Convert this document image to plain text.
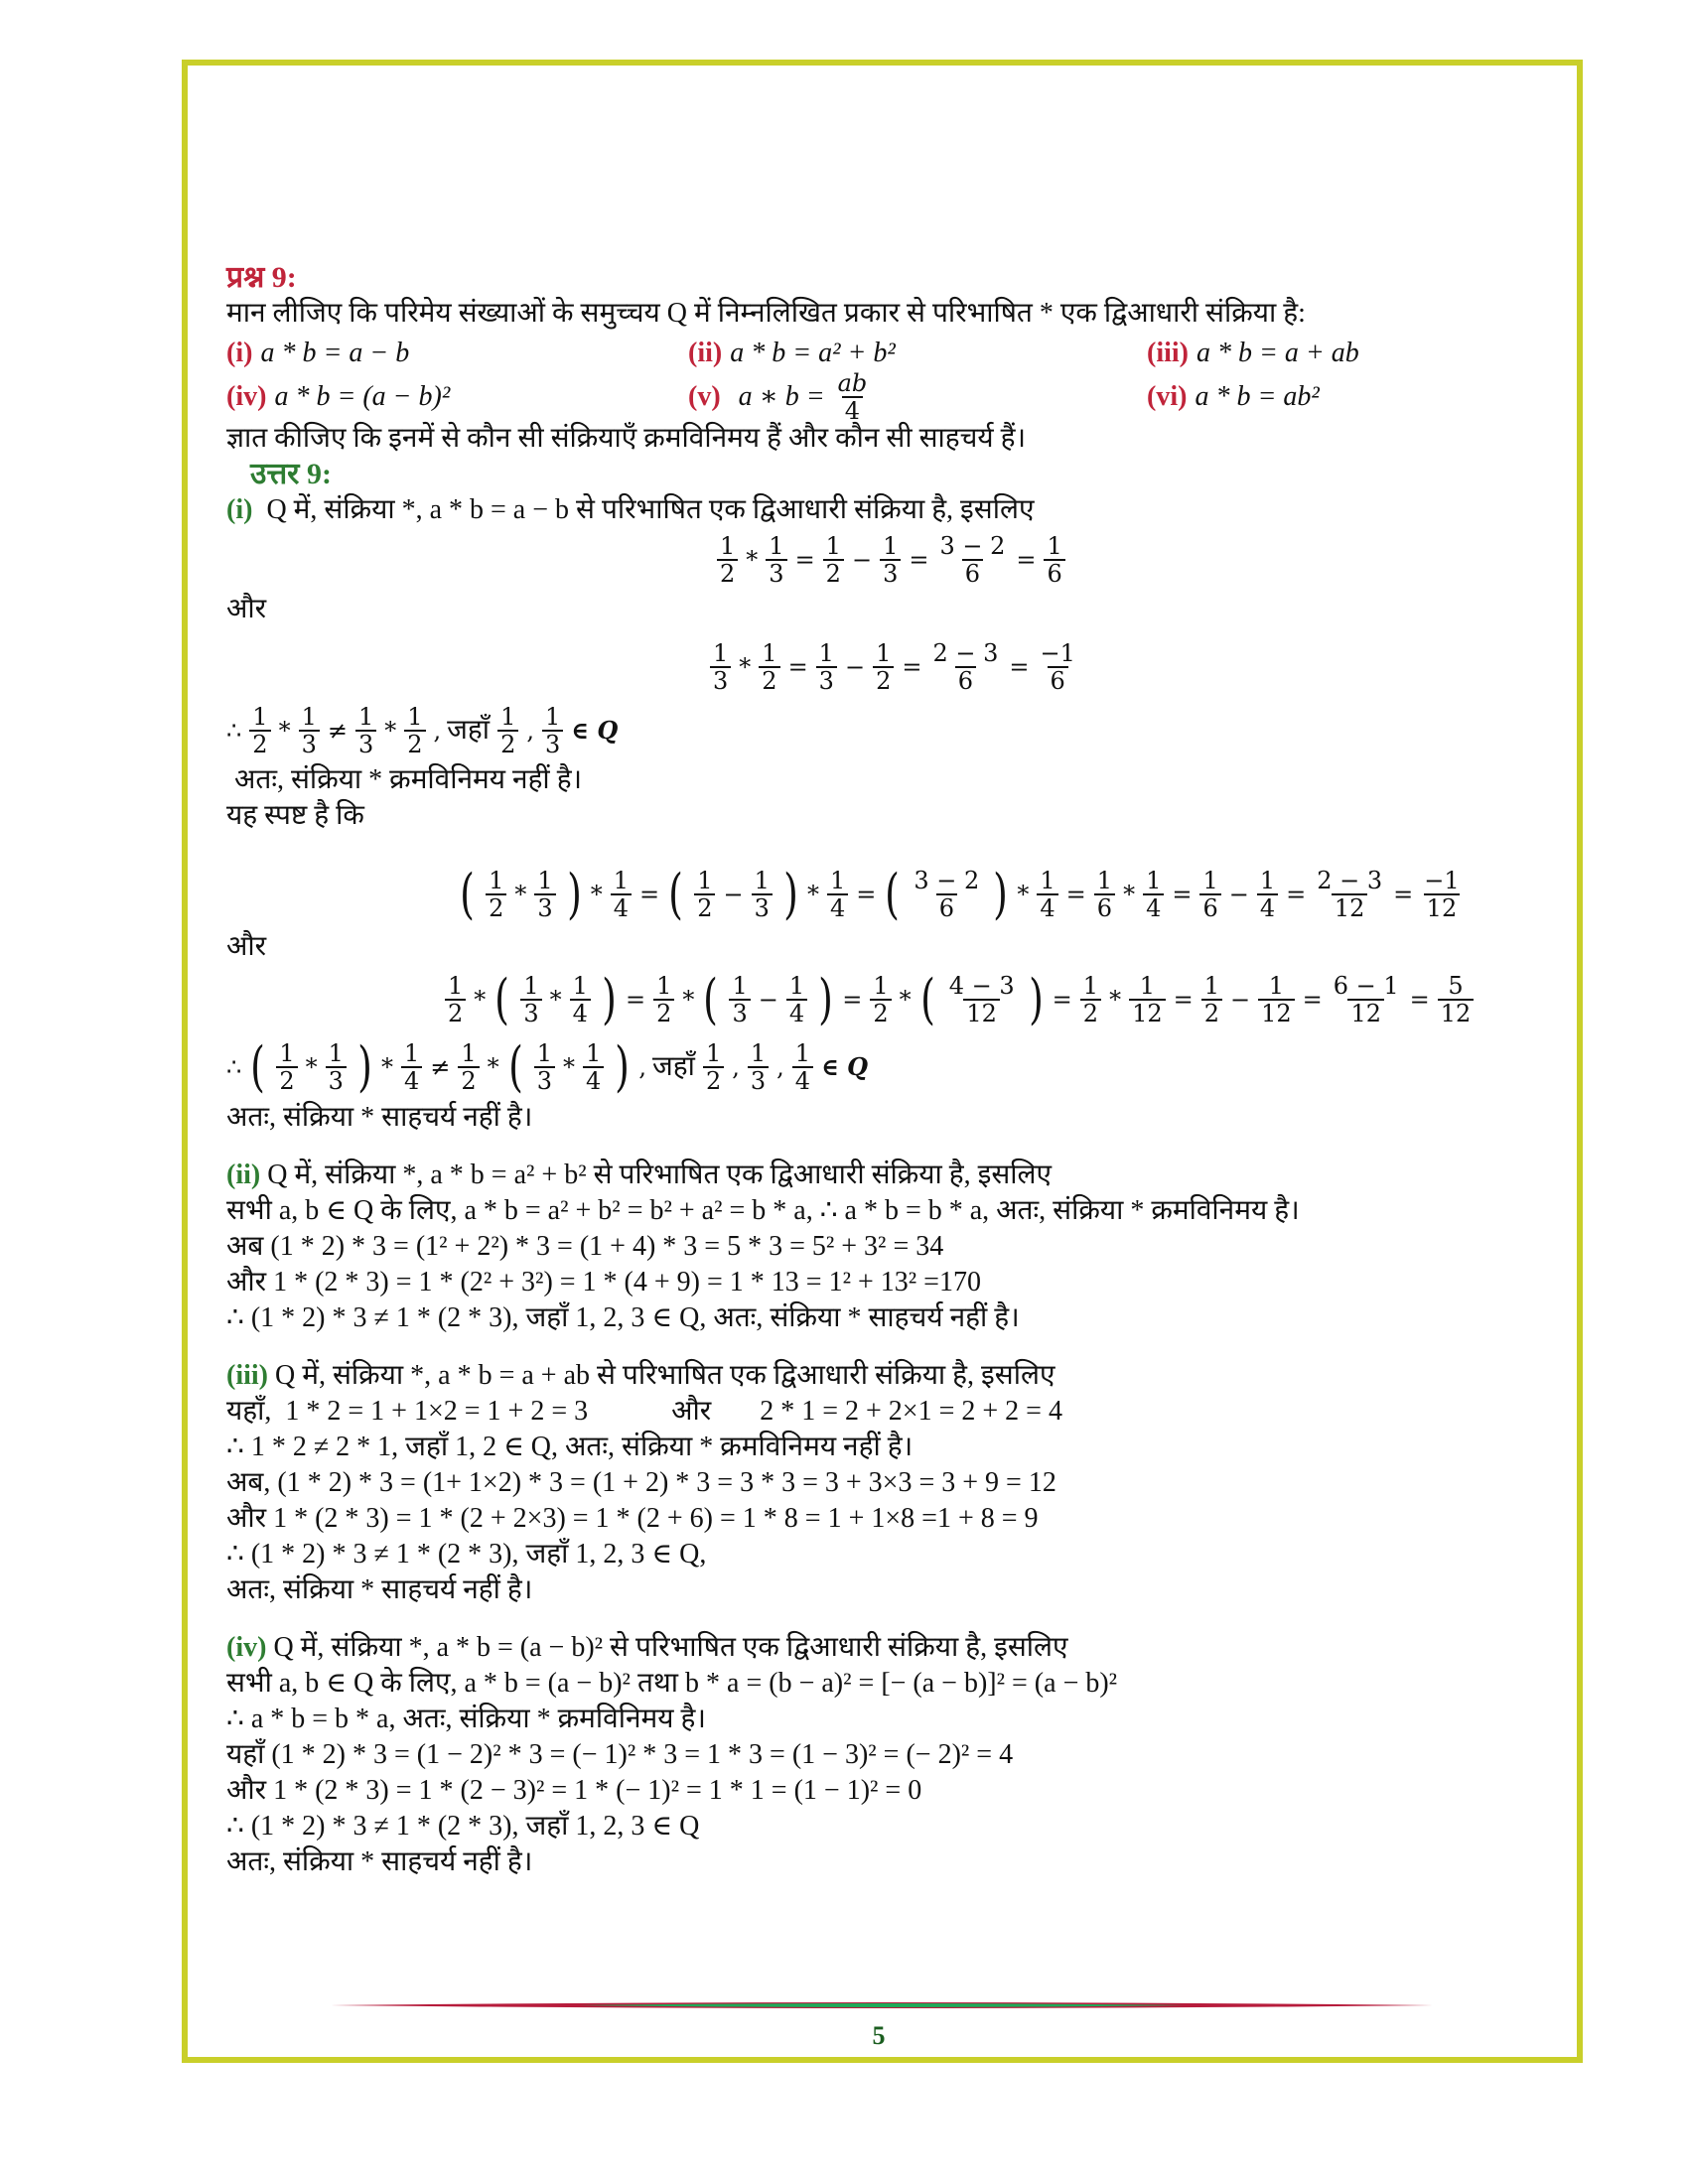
प्रश्न 9:
मान लीजिए कि परिमेय संख्याओं के समुच्चय Q में निम्नलिखित प्रकार से परिभाषित * एक द्विआधारी संक्रिया है:
(i) a * b = a − b	(ii) a * b = a² + b²	(iii) a * b = a + ab
(iv) a * b = (a − b)²	(v) a ∗ $b = \frac{ab}{4}$	(vi) a * b = ab²
ज्ञात कीजिए कि इनमें से कौन सी संक्रियाएँ क्रमविनिमय हैं और कौन सी साहचर्य हैं।
उत्तर 9:
(i) Q में, संक्रिया *, a * b = a − b से परिभाषित एक द्विआधारी संक्रिया है, इसलिए
$\frac{1}{2} * \frac{1}{3} = \frac{1}{2} - \frac{1}{3} = \frac{3 - 2}{6} = \frac{1}{6}$
और
$\frac{1}{3} * \frac{1}{2} = \frac{1}{3} - \frac{1}{2} = \frac{2 - 3}{6} = \frac{-1}{6}$
∴ $\frac{1}{2} * \frac{1}{3} \ne \frac{1}{3} * \frac{1}{2}$ , जहाँ $\frac{1}{2}$ , $\frac{1}{3}$ ∈ Q
अतः, संक्रिया * क्रमविनिमय नहीं है।
यह स्पष्ट है कि
( $\frac{1}{2} * \frac{1}{3}$ ) * $\frac{1}{4}$ = ( $\frac{1}{2} - \frac{1}{3}$ ) * $\frac{1}{4}$ = ( $\frac{3 - 2}{6}$ ) * $\frac{1}{4} = \frac{1}{6} * \frac{1}{4} = \frac{1}{6} - \frac{1}{4} = \frac{2 - 3}{12} = \frac{-1}{12}$
और
$\frac{1}{2}$ * ( $\frac{1}{3} * \frac{1}{4}$ ) = $\frac{1}{2}$ * ( $\frac{1}{3} - \frac{1}{4}$ ) = $\frac{1}{2}$ * ( $\frac{4 - 3}{12}$ ) = $\frac{1}{2} * \frac{1}{12} = \frac{1}{2} - \frac{1}{12} = \frac{6 - 1}{12} = \frac{5}{12}$
∴ ( $\frac{1}{2} * \frac{1}{3}$ ) * $\frac{1}{4} \ne \frac{1}{2}$ * ( $\frac{1}{3} * \frac{1}{4}$ ) , जहाँ $\frac{1}{2}$ , $\frac{1}{3}$ , $\frac{1}{4}$ ∈ Q
अतः, संक्रिया * साहचर्य नहीं है।
(ii) Q में, संक्रिया *, a * b = a² + b² से परिभाषित एक द्विआधारी संक्रिया है, इसलिए
सभी a, b ∈ Q के लिए, a * b = a² + b² = b² + a² = b * a, ∴ a * b = b * a, अतः, संक्रिया * क्रमविनिमय है।
अब (1 * 2) * 3 = (1² + 2²) * 3 = (1 + 4) * 3 = 5 * 3 = 5² + 3² = 34
और 1 * (2 * 3) = 1 * (2² + 3²) = 1 * (4 + 9) = 1 * 13 = 1² + 13² =170
∴ (1 * 2) * 3 ≠ 1 * (2 * 3), जहाँ 1, 2, 3 ∈ Q, अतः, संक्रिया * साहचर्य नहीं है।
(iii) Q में, संक्रिया *, a * b = a + ab से परिभाषित एक द्विआधारी संक्रिया है, इसलिए
यहाँ,  1 * 2 = 1 + 1×2 = 1 + 2 = 3            और       2 * 1 = 2 + 2×1 = 2 + 2 = 4
∴ 1 * 2 ≠ 2 * 1, जहाँ 1, 2 ∈ Q, अतः, संक्रिया * क्रमविनिमय नहीं है।
अब, (1 * 2) * 3 = (1+ 1×2) * 3 = (1 + 2) * 3 = 3 * 3 = 3 + 3×3 = 3 + 9 = 12
और 1 * (2 * 3) = 1 * (2 + 2×3) = 1 * (2 + 6) = 1 * 8 = 1 + 1×8 =1 + 8 = 9
∴ (1 * 2) * 3 ≠ 1 * (2 * 3), जहाँ 1, 2, 3 ∈ Q,
अतः, संक्रिया * साहचर्य नहीं है।
(iv) Q में, संक्रिया *, a * b = (a − b)² से परिभाषित एक द्विआधारी संक्रिया है, इसलिए
सभी a, b ∈ Q के लिए, a * b = (a − b)² तथा b * a = (b − a)² = [− (a − b)]² = (a − b)²
∴ a * b = b * a, अतः, संक्रिया * क्रमविनिमय है।
यहाँ (1 * 2) * 3 = (1 − 2)² * 3 = (− 1)² * 3 = 1 * 3 = (1 − 3)² = (− 2)² = 4
और 1 * (2 * 3) = 1 * (2 − 3)² = 1 * (− 1)² = 1 * 1 = (1 − 1)² = 0
∴ (1 * 2) * 3 ≠ 1 * (2 * 3), जहाँ 1, 2, 3 ∈ Q
अतः, संक्रिया * साहचर्य नहीं है।
5
